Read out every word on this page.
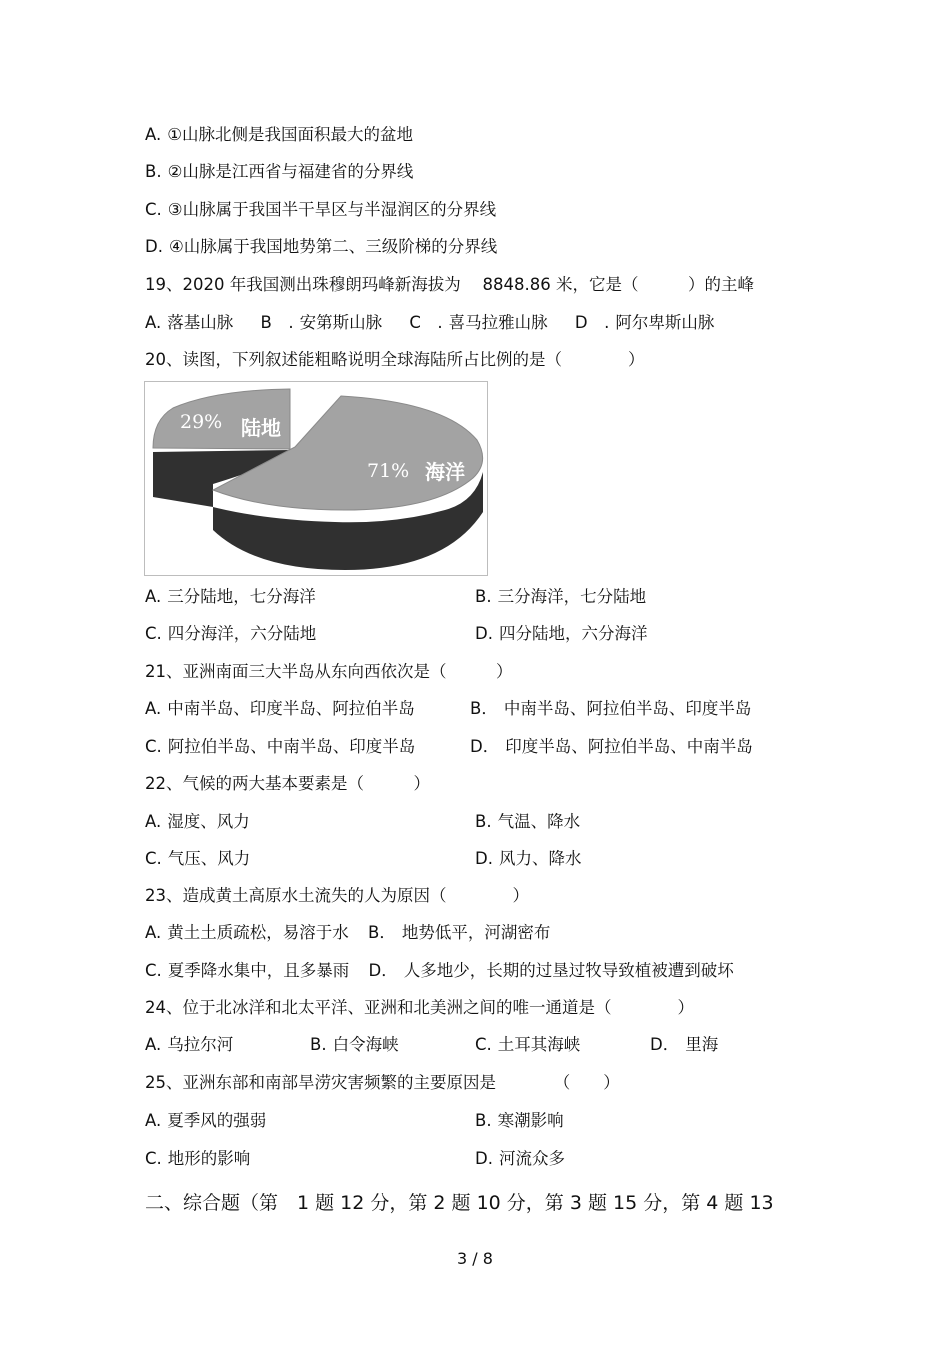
A. ①山脉北侧是我国面积最大的盆地
B. ②山脉是江西省与福建省的分界线
C. ③山脉属于我国半干旱区与半湿润区的分界线
D. ④山脉属于我国地势第二、三级阶梯的分界线
19、2020 年我国测出珠穆朗玛峰新海拔为　 8848.86 米，它是（　　　）的主峰
A. 落基山脉 B　. 安第斯山脉 C　. 喜马拉雅山脉 D　. 阿尔卑斯山脉
20、读图，下列叙述能粗略说明全球海陆所占比例的是（　　　　）
29% 陆地
71% 海洋
A. 三分陆地，七分海洋	B. 三分海洋，七分陆地
C. 四分海洋，六分陆地	D. 四分陆地，六分海洋
21、亚洲南面三大半岛从东向西依次是（　　　）
A. 中南半岛、印度半岛、阿拉伯半岛	B． 中南半岛、阿拉伯半岛、印度半岛
C. 阿拉伯半岛、中南半岛、印度半岛	D． 印度半岛、阿拉伯半岛、中南半岛
22、气候的两大基本要素是（　　　）
A. 湿度、风力	B. 气温、降水
C. 气压、风力	D. 风力、降水
23、造成黄土高原水土流失的人为原因（　　　　）
A. 黄土土质疏松，易溶于水 B． 地势低平，河湖密布
C. 夏季降水集中，且多暴雨 D． 人多地少，长期的过垦过牧导致植被遭到破坏
24、位于北冰洋和北太平洋、亚洲和北美洲之间的唯一通道是（　　　　）
A. 乌拉尔河	B. 白令海峡	C. 土耳其海峡	D． 里海
25、亚洲东部和南部旱涝灾害频繁的主要原因是　　　　（　　）
A. 夏季风的强弱	B. 寒潮影响
C. 地形的影响	D. 河流众多
二、综合题（第　1 题 12 分，第 2 题 10 分，第 3 题 15 分，第 4 题 13
3 / 8
